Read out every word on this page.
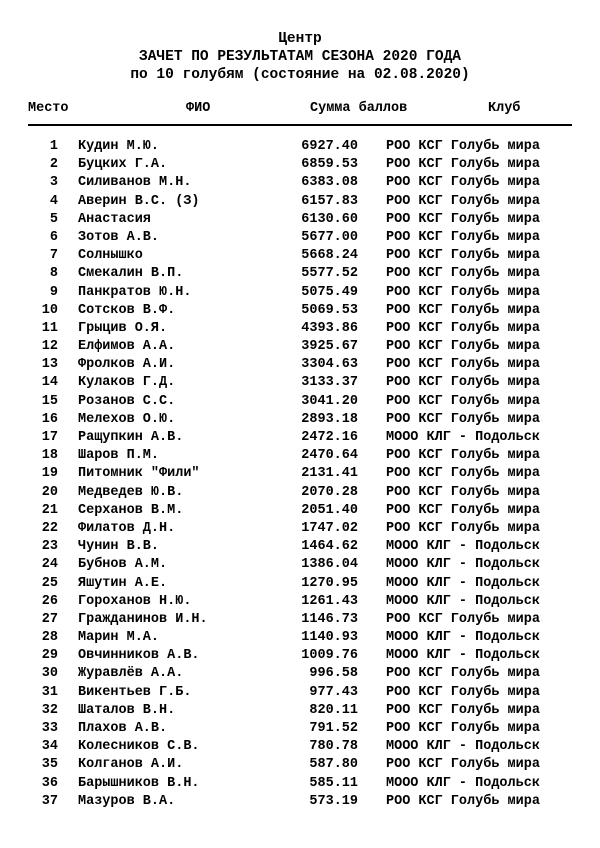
Центр
ЗАЧЕТ ПО РЕЗУЛЬТАТАМ СЕЗОНА 2020 ГОДА
по 10 голубям (состояние на 02.08.2020)
Место	ФИО	Сумма баллов	Клуб
1 Кудин М.Ю.	6927.40 РОО КСГ Голубь мира
2 Буцких Г.А.	6859.53 РОО КСГ Голубь мира
3 Силиванов М.Н.	6383.08 РОО КСГ Голубь мира
4 Аверин В.С. (З)	6157.83 РОО КСГ Голубь мира
5 Анастасия	6130.60 РОО КСГ Голубь мира
6 Зотов А.В.	5677.00 РОО КСГ Голубь мира
7 Солнышко	5668.24 РОО КСГ Голубь мира
8 Смекалин В.П.	5577.52 РОО КСГ Голубь мира
9 Панкратов Ю.Н.	5075.49 РОО КСГ Голубь мира
10 Сотсков В.Ф.	5069.53 РОО КСГ Голубь мира
11 Грыцив О.Я.	4393.86 РОО КСГ Голубь мира
12 Елфимов А.А.	3925.67 РОО КСГ Голубь мира
13 Фролков А.И.	3304.63 РОО КСГ Голубь мира
14 Кулаков Г.Д.	3133.37 РОО КСГ Голубь мира
15 Розанов С.С.	3041.20 РОО КСГ Голубь мира
16 Мелехов О.Ю.	2893.18 РОО КСГ Голубь мира
17 Ращупкин А.В.	2472.16 МООО КЛГ - Подольск
18 Шаров П.М.	2470.64 РОО КСГ Голубь мира
19 Питомник "Фили"	2131.41 РОО КСГ Голубь мира
20 Медведев Ю.В.	2070.28 РОО КСГ Голубь мира
21 Серханов В.М.	2051.40 РОО КСГ Голубь мира
22 Филатов Д.Н.	1747.02 РОО КСГ Голубь мира
23 Чунин В.В.	1464.62 МООО КЛГ - Подольск
24 Бубнов А.М.	1386.04 МООО КЛГ - Подольск
25 Яшутин А.Е.	1270.95 МООО КЛГ - Подольск
26 Гороханов Н.Ю.	1261.43 МООО КЛГ - Подольск
27 Гражданинов И.Н.	1146.73 РОО КСГ Голубь мира
28 Марин М.А.	1140.93 МООО КЛГ - Подольск
29 Овчинников А.В.	1009.76 МООО КЛГ - Подольск
30 Журавлёв А.А.	996.58 РОО КСГ Голубь мира
31 Викентьев Г.Б.	977.43 РОО КСГ Голубь мира
32 Шаталов В.Н.	820.11 РОО КСГ Голубь мира
33 Плахов А.В.	791.52 РОО КСГ Голубь мира
34 Колесников С.В.	780.78 МООО КЛГ - Подольск
35 Колганов А.И.	587.80 РОО КСГ Голубь мира
36 Барышников В.Н.	585.11 МООО КЛГ - Подольск
37 Мазуров В.А.	573.19 РОО КСГ Голубь мира
